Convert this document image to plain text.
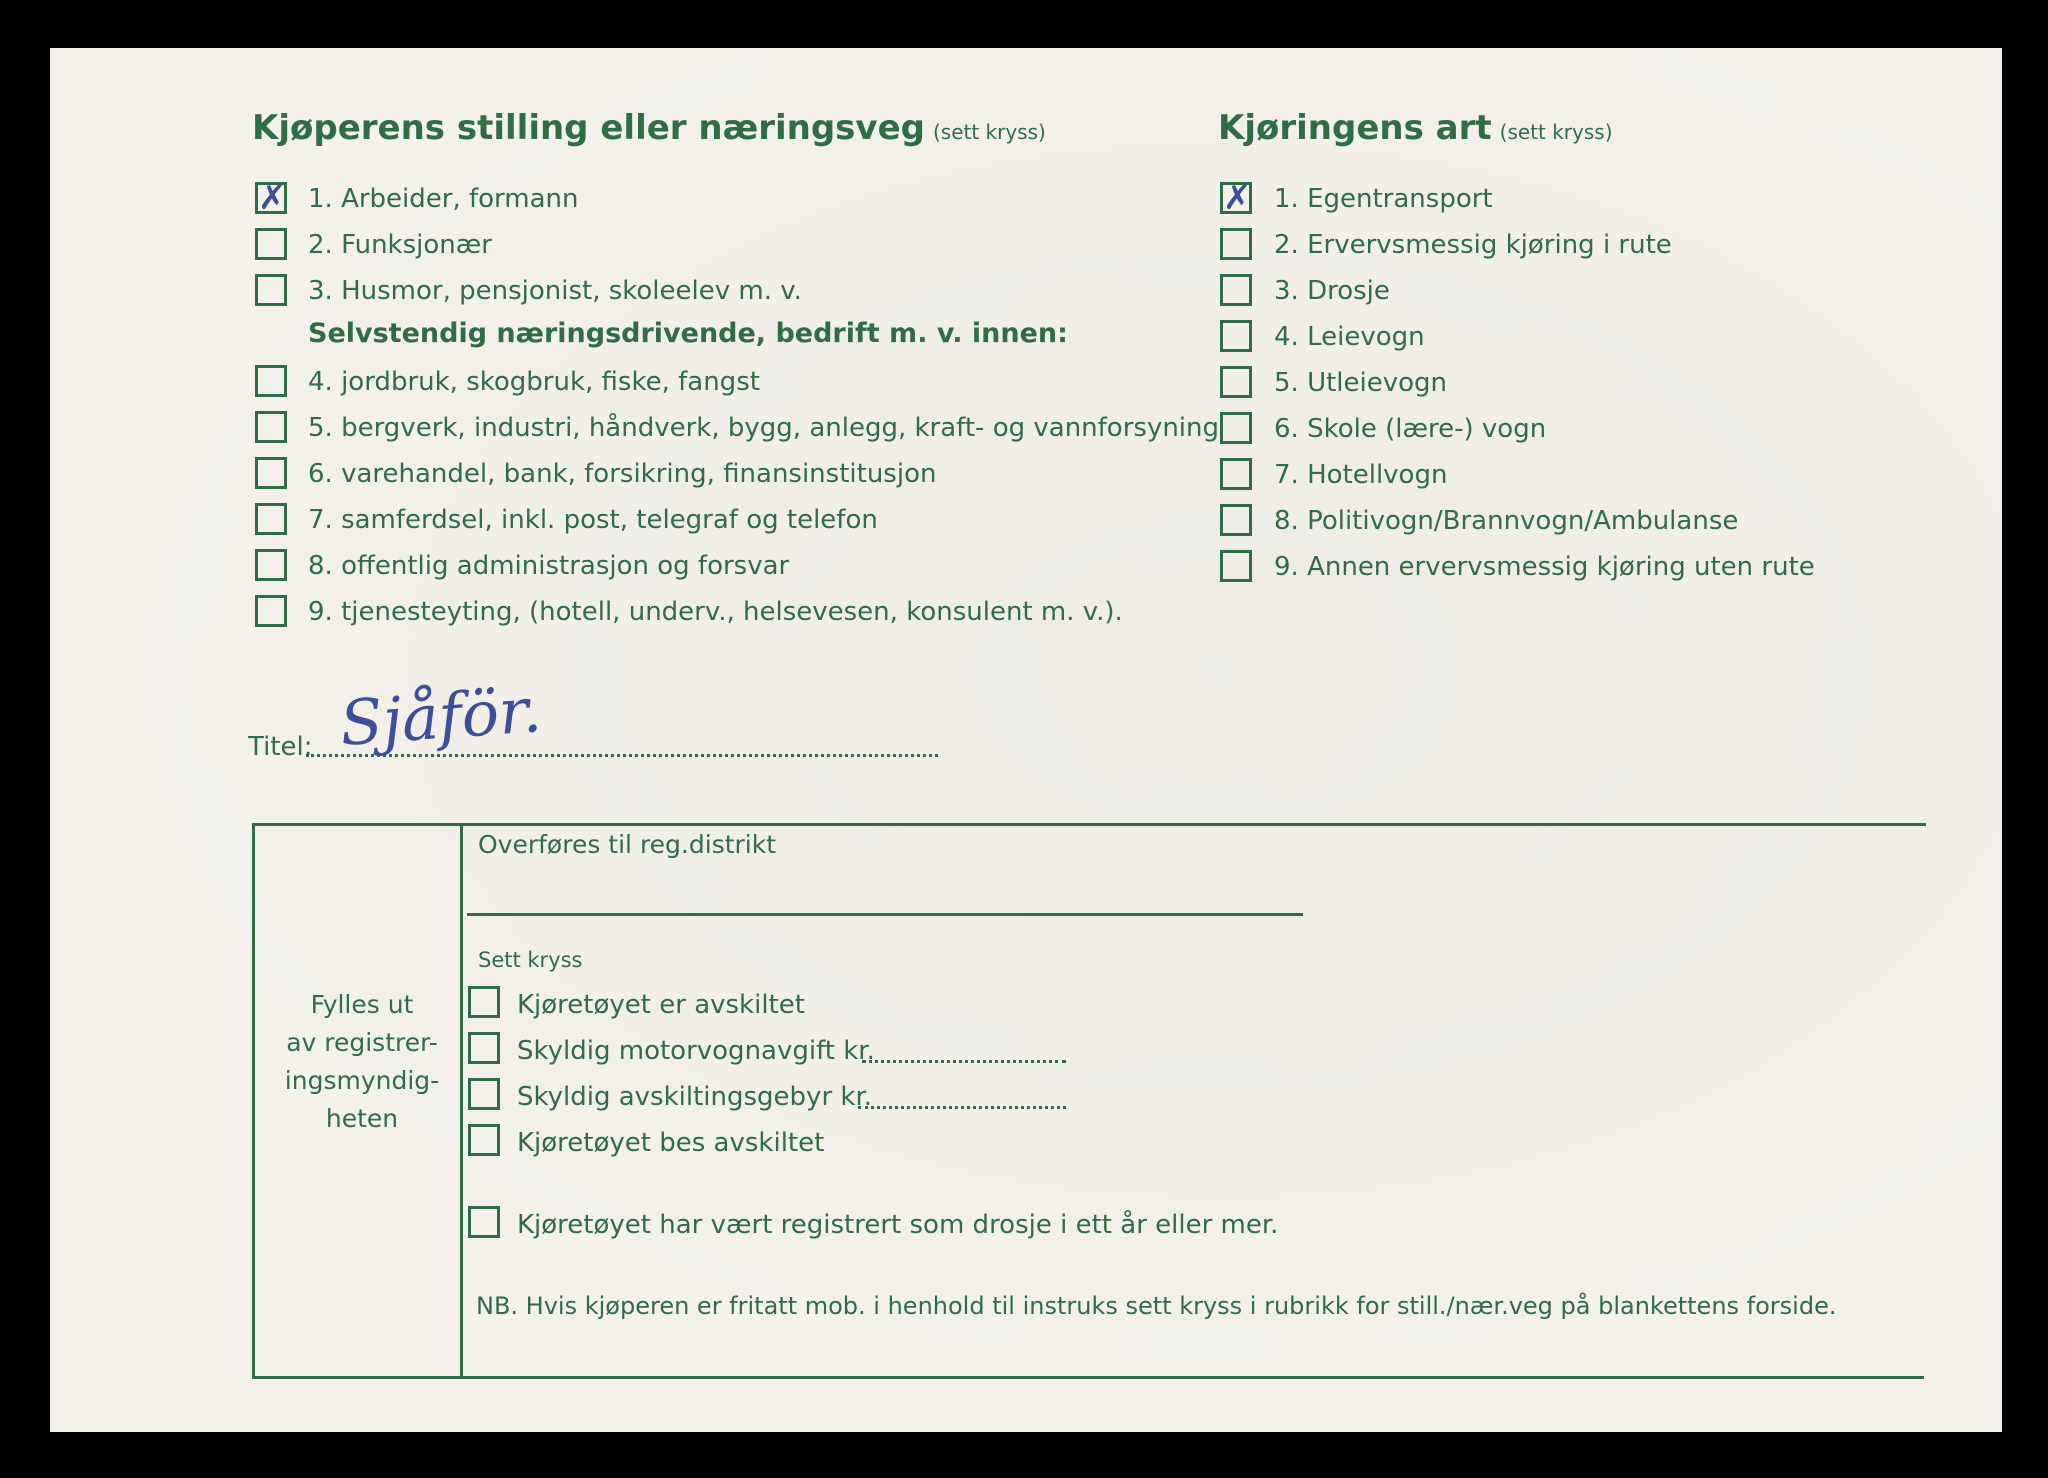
Kjøperens stilling eller næringsveg (sett kryss)
✗ 1. Arbeider, formann
2. Funksjonær
3. Husmor, pensjonist, skoleelev m. v.
Selvstendig næringsdrivende, bedrift m. v. innen:
4. jordbruk, skogbruk, fiske, fangst
5. bergverk, industri, håndverk, bygg, anlegg, kraft- og vannforsyning
6. varehandel, bank, forsikring, finansinstitusjon
7. samferdsel, inkl. post, telegraf og telefon
8. offentlig administrasjon og forsvar
9. tjenesteyting, (hotell, underv., helsevesen, konsulent m. v.).
Kjøringens art (sett kryss)
✗ 1. Egentransport
2. Ervervsmessig kjøring i rute
3. Drosje
4. Leievogn
5. Utleievogn
6. Skole (lære-) vogn
7. Hotellvogn
8. Politivogn/Brannvogn/Ambulanse
9. Annen ervervsmessig kjøring uten rute
Titel: Sjåför.
Fylles ut
av registrer-
ingsmyndig-
heten
Overføres til reg.distrikt
Sett kryss
Kjøretøyet er avskiltet
Skyldig motorvognavgift kr.
Skyldig avskiltingsgebyr kr.
Kjøretøyet bes avskiltet
Kjøretøyet har vært registrert som drosje i ett år eller mer.
NB. Hvis kjøperen er fritatt mob. i henhold til instruks sett kryss i rubrikk for still./nær.veg på blankettens forside.
